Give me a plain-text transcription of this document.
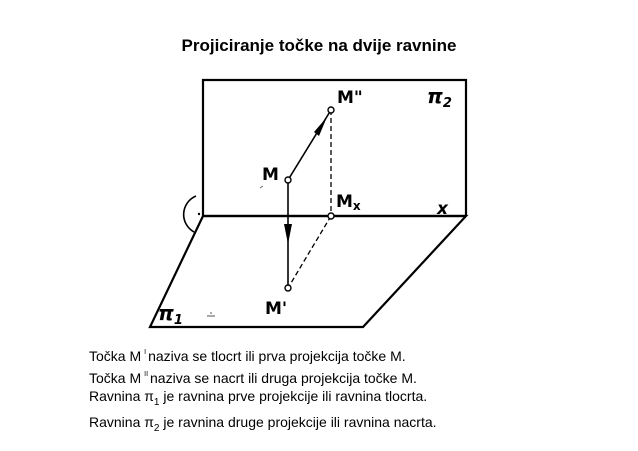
Projiciranje točke na dvije ravnine
M"
M
M'
Mx	x
$\pi_2$
$\pi_1$
Točka M $^I$ naziva se tlocrt ili prva projekcija točke M.
Točka M $^{II}$ naziva se nacrt ili druga projekcija točke M.
Ravnina $\pi_1$ je ravnina prve projekcije ili ravnina tlocrta.
Ravnina $\pi_2$ je ravnina druge projekcije ili ravnina nacrta.
